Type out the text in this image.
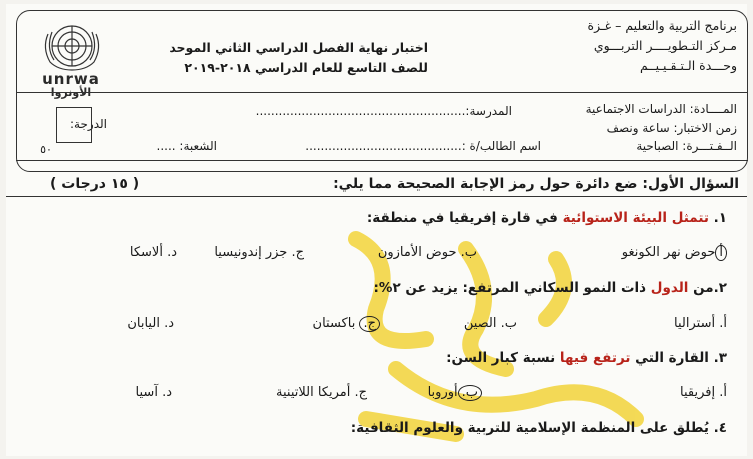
unrwa
الأونروا
برنامج التربية والتعليم – غـزة
مـركز التـطويــــر التربـــوي
وحـــدة الـتـقـيـيــم
اختبار نهاية الفصل الدراسي الثاني الموحد
للصف التاسع للعام الدراسي ٢٠١٨-٢٠١٩
المــــادة: الدراسات الاجتماعية
زمن الاختبار: ساعة ونصف
الــفـتـــرة: الصباحية
المدرسة:.......................................................
اسم الطالب/ة :.........................................
الشعبة: .....
الدرجة:
٥٠
السؤال الأول: ضع دائرة حول رمز الإجابة الصحيحة مما يلي:
( ١٥ درجات )
١. تتمثل البيئة الاستوائية في قارة إفريقيا في منطقة:
أحوض نهر الكونغو
ب. حوض الأمازون
ج. جزر إندونيسيا
د. ألاسكا
٢.من الدول ذات النمو السكاني المرتفع: يزيد عن ٢%:
أ. أستراليا
ب. الصين
ج. باكستان
د. اليابان
٣. القارة التي ترتفع فيها نسبة كبار السن:
أ. إفريقيا
ب.أوروبا
ج. أمريكا اللاتينية
د. آسيا
٤. يُطلق على المنظمة الإسلامية للتربية والعلوم الثقافية:
